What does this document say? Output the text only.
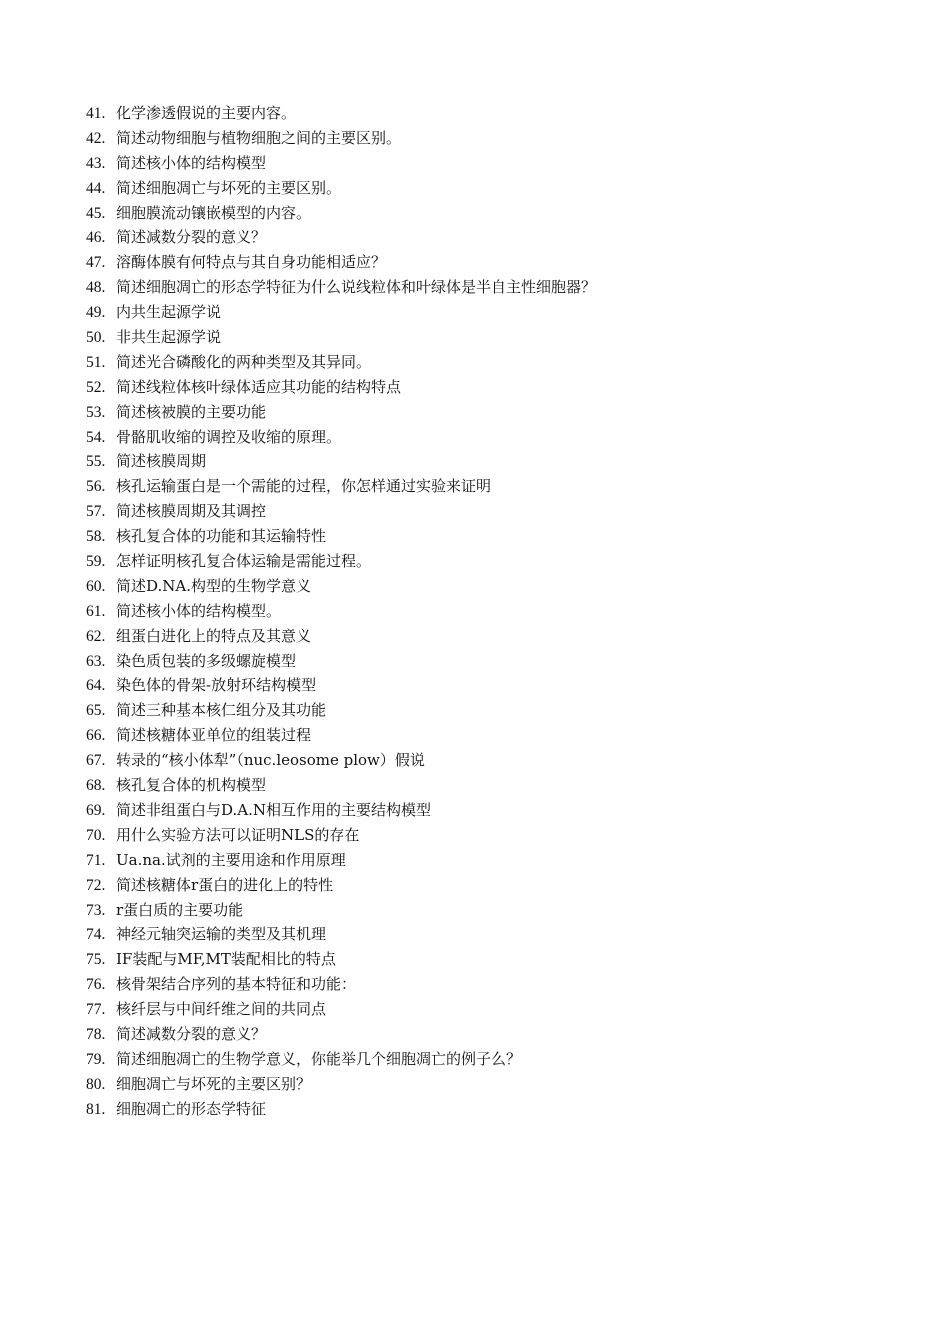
41. 化学渗透假说的主要内容。
42. 简述动物细胞与植物细胞之间的主要区别。
43. 简述核小体的结构模型
44. 简述细胞凋亡与坏死的主要区别。
45. 细胞膜流动镶嵌模型的内容。
46. 简述减数分裂的意义？
47. 溶酶体膜有何特点与其自身功能相适应？
48. 简述细胞凋亡的形态学特征为什么说线粒体和叶绿体是半自主性细胞器？
49. 内共生起源学说
50. 非共生起源学说
51. 简述光合磷酸化的两种类型及其异同。
52. 简述线粒体核叶绿体适应其功能的结构特点
53. 简述核被膜的主要功能
54. 骨骼肌收缩的调控及收缩的原理。
55. 简述核膜周期
56. 核孔运输蛋白是一个需能的过程，你怎样通过实验来证明
57. 简述核膜周期及其调控
58. 核孔复合体的功能和其运输特性
59. 怎样证明核孔复合体运输是需能过程。
60. 简述D.NA.构型的生物学意义
61. 简述核小体的结构模型。
62. 组蛋白进化上的特点及其意义
63. 染色质包装的多级螺旋模型
64. 染色体的骨架-放射环结构模型
65. 简述三种基本核仁组分及其功能
66. 简述核糖体亚单位的组装过程
67. 转录的“核小体犁”（nuc.leosome plow）假说
68. 核孔复合体的机构模型
69. 简述非组蛋白与D.A.N相互作用的主要结构模型
70. 用什么实验方法可以证明NLS的存在
71. Ua.na.试剂的主要用途和作用原理
72. 简述核糖体r蛋白的进化上的特性
73. r蛋白质的主要功能
74. 神经元轴突运输的类型及其机理
75. IF装配与MF,MT装配相比的特点
76. 核骨架结合序列的基本特征和功能：
77. 核纤层与中间纤维之间的共同点
78. 简述减数分裂的意义？
79. 简述细胞凋亡的生物学意义，你能举几个细胞凋亡的例子么？
80. 细胞凋亡与坏死的主要区别？
81. 细胞凋亡的形态学特征
